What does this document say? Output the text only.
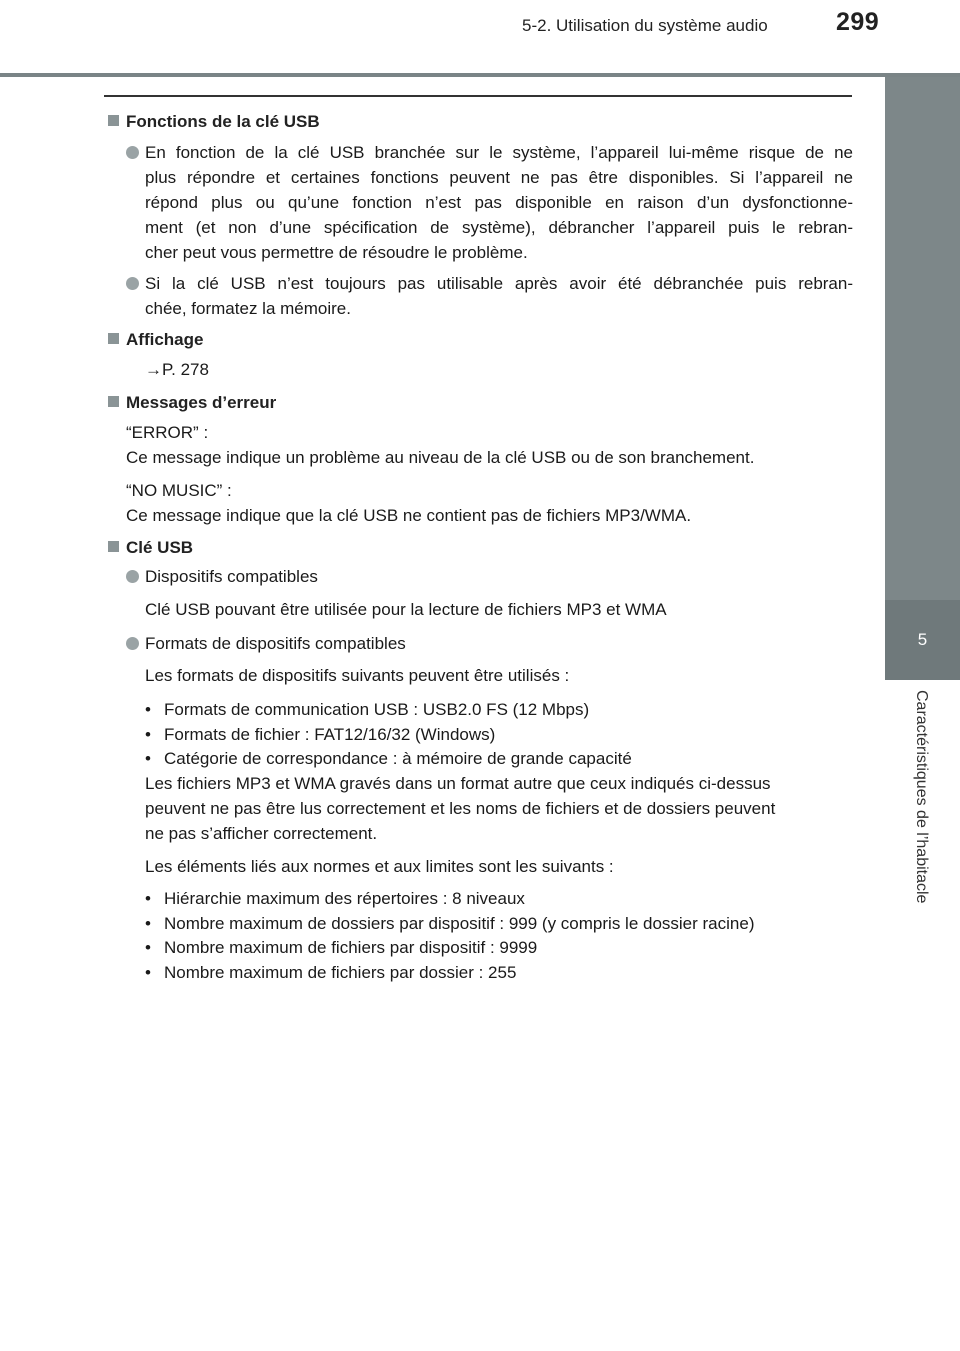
5-2. Utilisation du système audio	299
5
Caractéristiques de l’habitacle
Fonctions de la clé USB
En fonction de la clé USB branchée sur le système, l’appareil lui-même risque de ne
plus répondre et certaines fonctions peuvent ne pas être disponibles. Si l’appareil ne
répond plus ou qu’une fonction n’est pas disponible en raison d’un dysfonctionne-
ment (et non d’une spécification de système), débrancher l’appareil puis le rebran-
cher peut vous permettre de résoudre le problème.
Si la clé USB n’est toujours pas utilisable après avoir été débranchée puis rebran-
chée, formatez la mémoire.
Affichage
→P. 278
Messages d’erreur
“ERROR” :
Ce message indique un problème au niveau de la clé USB ou de son branchement.
“NO MUSIC” :
Ce message indique que la clé USB ne contient pas de fichiers MP3/WMA.
Clé USB
Dispositifs compatibles
Clé USB pouvant être utilisée pour la lecture de fichiers MP3 et WMA
Formats de dispositifs compatibles
Les formats de dispositifs suivants peuvent être utilisés :
• Formats de communication USB : USB2.0 FS (12 Mbps)
• Formats de fichier : FAT12/16/32 (Windows)
• Catégorie de correspondance : à mémoire de grande capacité
Les fichiers MP3 et WMA gravés dans un format autre que ceux indiqués ci-dessus
peuvent ne pas être lus correctement et les noms de fichiers et de dossiers peuvent
ne pas s’afficher correctement.
Les éléments liés aux normes et aux limites sont les suivants :
• Hiérarchie maximum des répertoires : 8 niveaux
• Nombre maximum de dossiers par dispositif : 999 (y compris le dossier racine)
• Nombre maximum de fichiers par dispositif : 9999
• Nombre maximum de fichiers par dossier : 255
